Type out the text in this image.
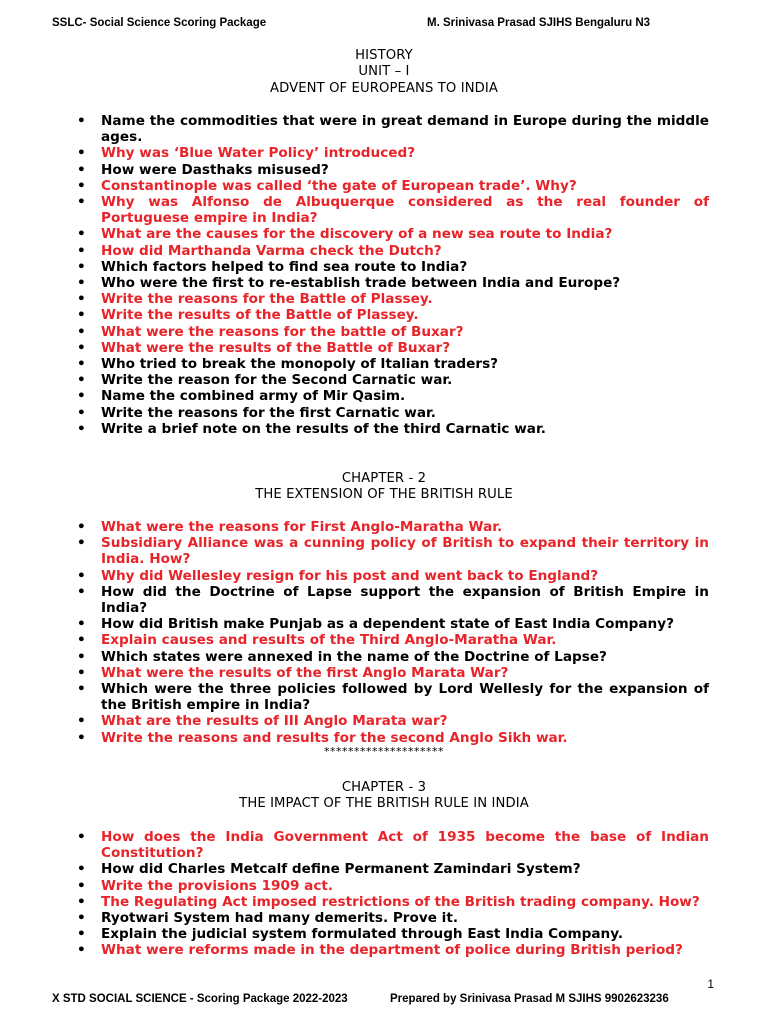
SSLC- Social Science Scoring Package	M. Srinivasa Prasad SJIHS Bengaluru N3
HISTORY
UNIT – I
ADVENT OF EUROPEANS TO INDIA
• Name the commodities that were in great demand in Europe during the middle ages.
• Why was ‘Blue Water Policy’ introduced?
• How were Dasthaks misused?
• Constantinople was called ‘the gate of European trade’. Why?
• Why was Alfonso de Albuquerque considered as the real founder of Portuguese empire in India?
• What are the causes for the discovery of a new sea route to India?
• How did Marthanda Varma check the Dutch?
• Which factors helped to find sea route to India?
• Who were the first to re-establish trade between India and Europe?
• Write the reasons for the Battle of Plassey.
• Write the results of the Battle of Plassey.
• What were the reasons for the battle of Buxar?
• What were the results of the Battle of Buxar?
• Who tried to break the monopoly of Italian traders?
• Write the reason for the Second Carnatic war.
• Name the combined army of Mir Qasim.
• Write the reasons for the first Carnatic war.
• Write a brief note on the results of the third Carnatic war.
CHAPTER - 2
THE EXTENSION OF THE BRITISH RULE
• What were the reasons for First Anglo-Maratha War.
• Subsidiary Alliance was a cunning policy of British to expand their territory in India. How?
• Why did Wellesley resign for his post and went back to England?
• How did the Doctrine of Lapse support the expansion of British Empire in India?
• How did British make Punjab as a dependent state of East India Company?
• Explain causes and results of the Third Anglo-Maratha War.
• Which states were annexed in the name of the Doctrine of Lapse?
• What were the results of the first Anglo Marata War?
• Which were the three policies followed by Lord Wellesly for the expansion of the British empire in India?
• What are the results of III Anglo Marata war?
• Write the reasons and results for the second Anglo Sikh war.
********************
CHAPTER - 3
THE IMPACT OF THE BRITISH RULE IN INDIA
• How does the India Government Act of 1935 become the base of Indian Constitution?
• How did Charles Metcalf define Permanent Zamindari System?
• Write the provisions 1909 act.
• The Regulating Act imposed restrictions of the British trading company. How?
• Ryotwari System had many demerits. Prove it.
• Explain the judicial system formulated through East India Company.
• What were reforms made in the department of police during British period?
1
X STD SOCIAL SCIENCE - Scoring Package 2022-2023	Prepared by Srinivasa Prasad M SJIHS 9902623236
